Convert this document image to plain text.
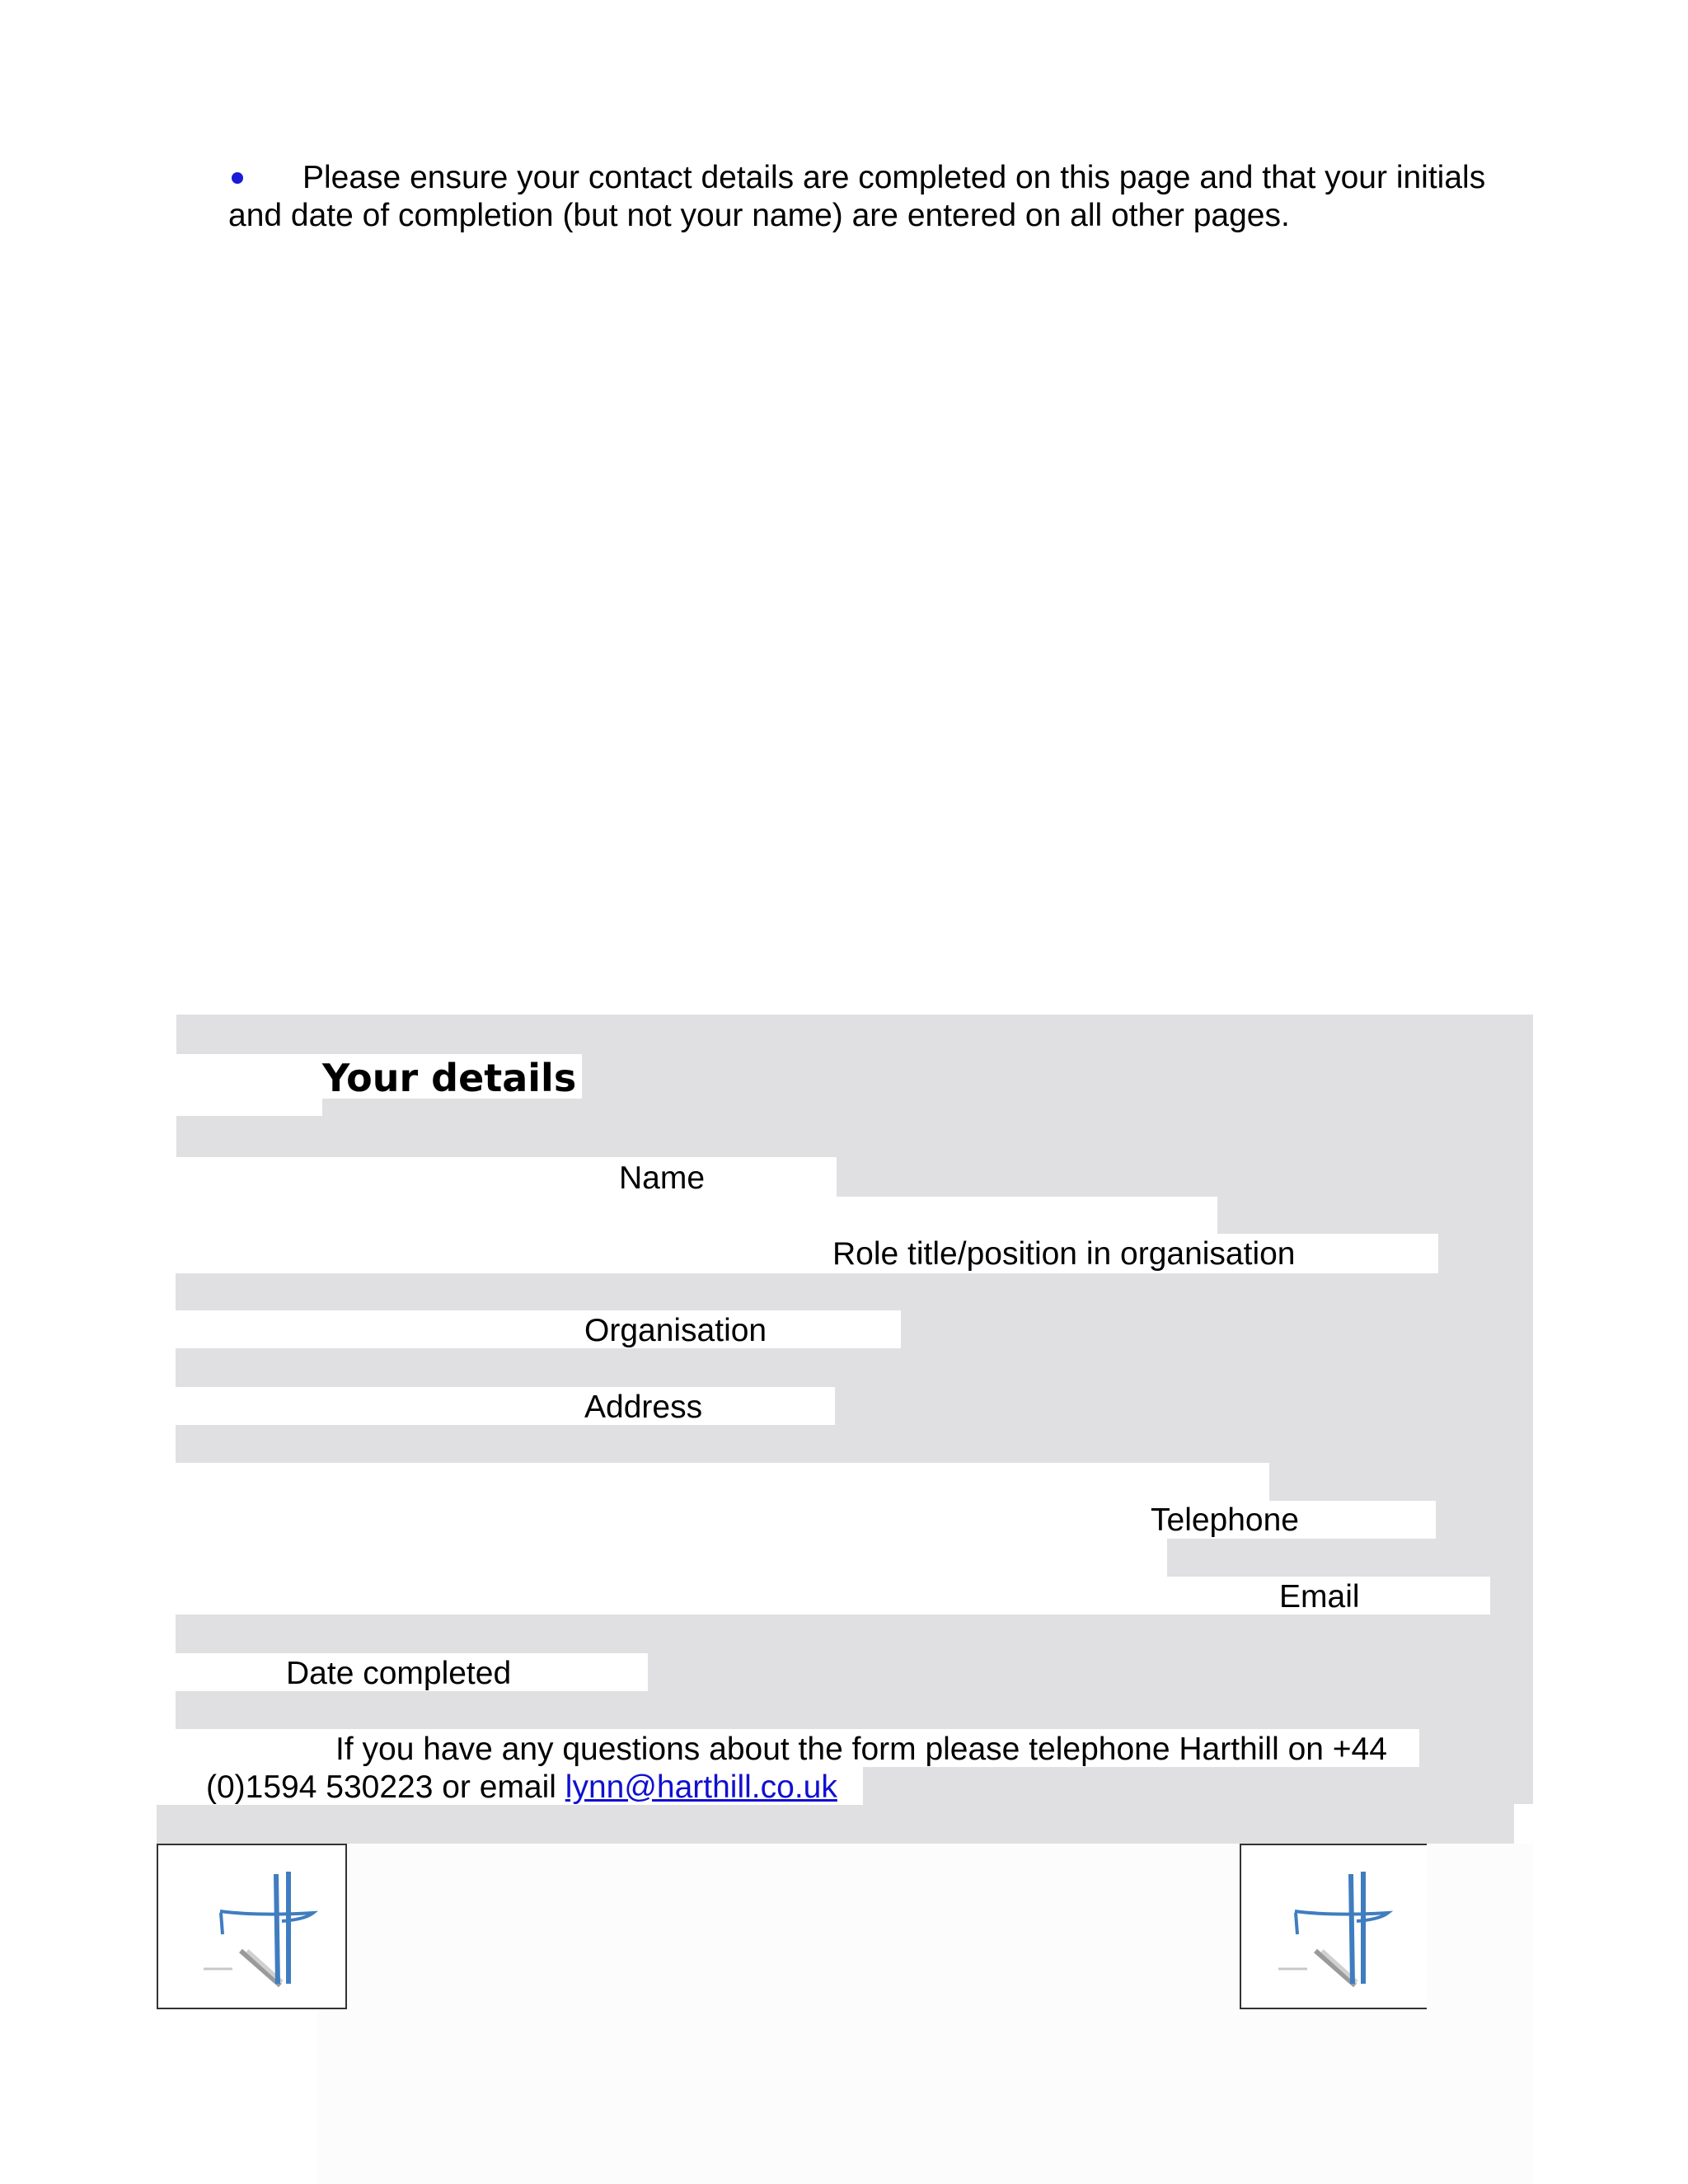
Please ensure your contact details are completed on this page and that your initials
and date of completion (but not your name) are entered on all other pages.
Your details
Name
Role title/position in organisation
Organisation
Address
Telephone
Email
Date completed
If you have any questions about the form please telephone Harthill on +44
(0)1594 530223 or email lynn@harthill.co.uk
